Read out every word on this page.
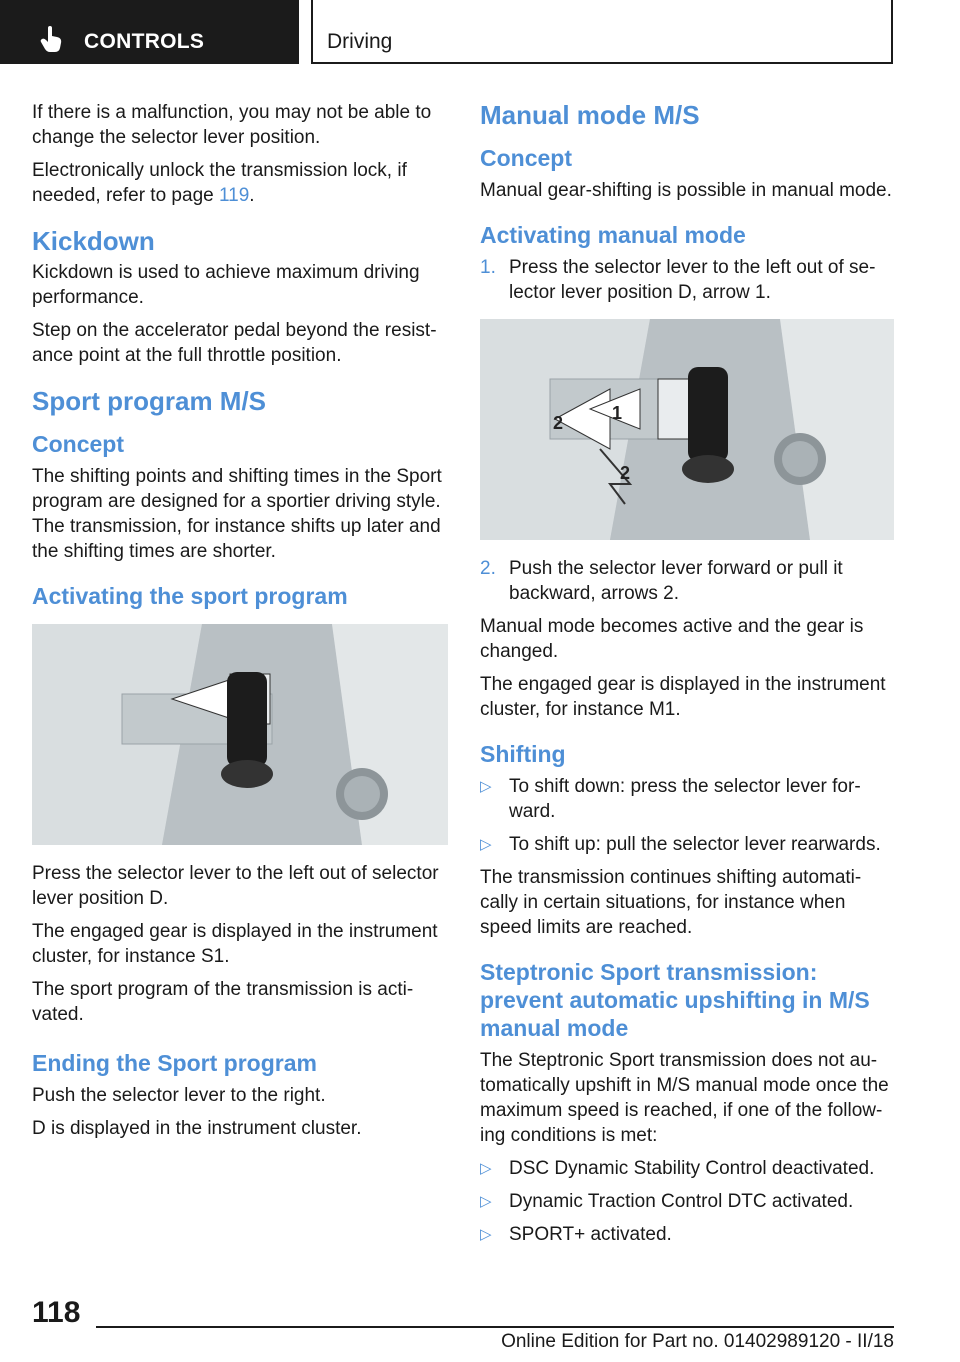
CONTROLS	Driving

If there is a malfunction, you may not be able to change the selector lever position.

Electronically unlock the transmission lock, if needed, refer to page 119.

Kickdown

Kickdown is used to achieve maximum driving performance.

Step on the accelerator pedal beyond the resist-ance point at the full throttle position.

Sport program M/S
Concept

The shifting points and shifting times in the Sport program are designed for a sportier driving style. The transmission, for instance shifts up later and the shifting times are shorter.

Activating the sport program

Press the selector lever to the left out of selector lever position D.

The engaged gear is displayed in the instrument cluster, for instance S1.

The sport program of the transmission is acti-vated.

Ending the Sport program

Push the selector lever to the right.

D is displayed in the instrument cluster.

Manual mode M/S
Concept

Manual gear-shifting is possible in manual mode.

Activating manual mode
1. Press the selector lever to the left out of se-lector lever position D, arrow 1.
2	1
2
2. Push the selector lever forward or pull it backward, arrows 2.

Manual mode becomes active and the gear is changed.

The engaged gear is displayed in the instrument cluster, for instance M1.

Shifting
▷ To shift down: press the selector lever for-ward.
▷ To shift up: pull the selector lever rearwards.

The transmission continues shifting automati-cally in certain situations, for instance when speed limits are reached.

Steptronic Sport transmission: prevent automatic upshifting in M/S manual mode

The Steptronic Sport transmission does not au-tomatically upshift in M/S manual mode once the maximum speed is reached, if one of the follow-ing conditions is met:

▷ DSC Dynamic Stability Control deactivated.
▷ Dynamic Traction Control DTC activated.
▷ SPORT+ activated.
118
Online Edition for Part no. 01402989120 - II/18
